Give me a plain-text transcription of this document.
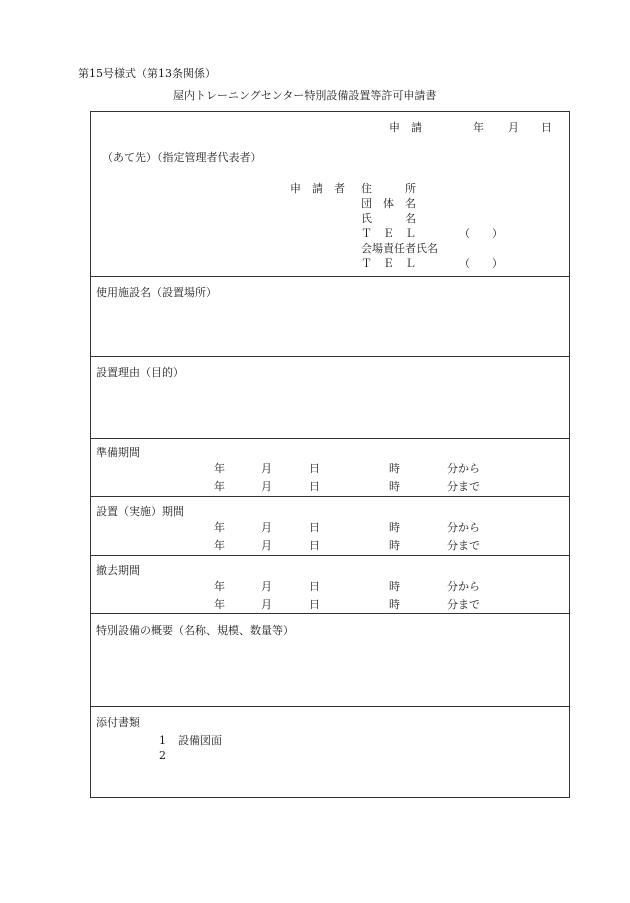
第15号様式（第13条関係）
屋内トレーニングセンター特別設備設置等許可申請書
申　請	年 月 日
（あて先）（指定管理者代表者）
申　請　者 住　　　所
団　体　名
氏　　　名
Ｔ　Ｅ　Ｌ	（　　）
会場責任者氏名
Ｔ　Ｅ　Ｌ	（　　）
使用施設名（設置場所）
設置理由（目的）
準備期間
年	月	日	時	分から
年	月	日	時	分まで
設置（実施）期間
年	月	日	時	分から
年	月	日	時	分まで
撤去期間
年	月	日	時	分から
年	月	日	時	分まで
特別設備の概要（名称、規模、数量等）
添付書類
1 設備図面
2
